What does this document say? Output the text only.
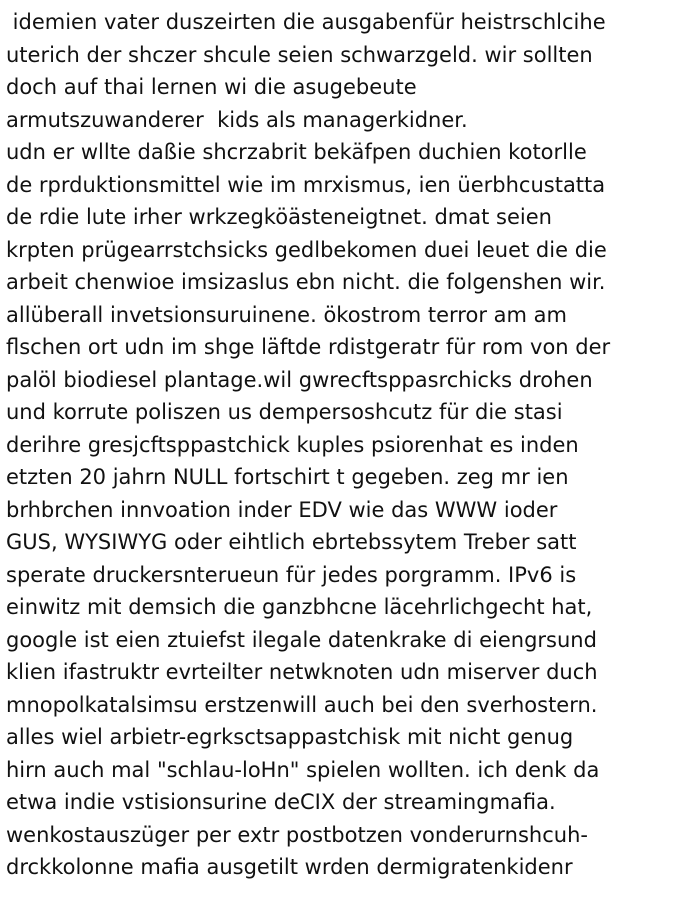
idemien vater duszeirten die ausgabenfür heistrschlcihe
uterich der shczer shcule seien schwarzgeld. wir sollten
doch auf thai lernen wi die asugebeute
armutszuwanderer  kids als managerkidner.
udn er wllte daßie shcrzabrit bekäfpen duchien kotorlle
de rprduktionsmittel wie im mrxismus, ien üerbhcustatta
de rdie lute irher wrkzegköästeneigtnet. dmat seien
krpten prügearrstchsicks gedlbekomen duei leuet die die
arbeit chenwioe imsizaslus ebn nicht. die folgenshen wir.
allüberall invetsionsuruinene. ökostrom terror am am
flschen ort udn im shge läftde rdistgeratr für rom von der
palöl biodiesel plantage.wil gwrecftsppasrchicks drohen
und korrute poliszen us dempersoshcutz für die stasi
derihre gresjcftsppastchick kuples psiorenhat es inden
etzten 20 jahrn NULL fortschirt t gegeben. zeg mr ien
brhbrchen innvoation inder EDV wie das WWW ioder
GUS, WYSIWYG oder eihtlich ebrtebssytem Treber satt
sperate druckersnterueun für jedes porgramm. IPv6 is
einwitz mit demsich die ganzbhcne läcehrlichgecht hat,
google ist eien ztuiefst ilegale datenkrake di eiengrsund
klien ifastruktr evrteilter netwknoten udn miserver duch
mnopolkatalsimsu erstzenwill auch bei den sverhostern.
alles wiel arbietr-egrksctsappastchisk mit nicht genug
hirn auch mal "schlau-loHn" spielen wollten. ich denk da
etwa indie vstisionsurine deCIX der streamingmafia.
wenkostauszüger per extr postbotzen vonderurnshcuh-
drckkolonne mafia ausgetilt wrden dermigratenkidenr
